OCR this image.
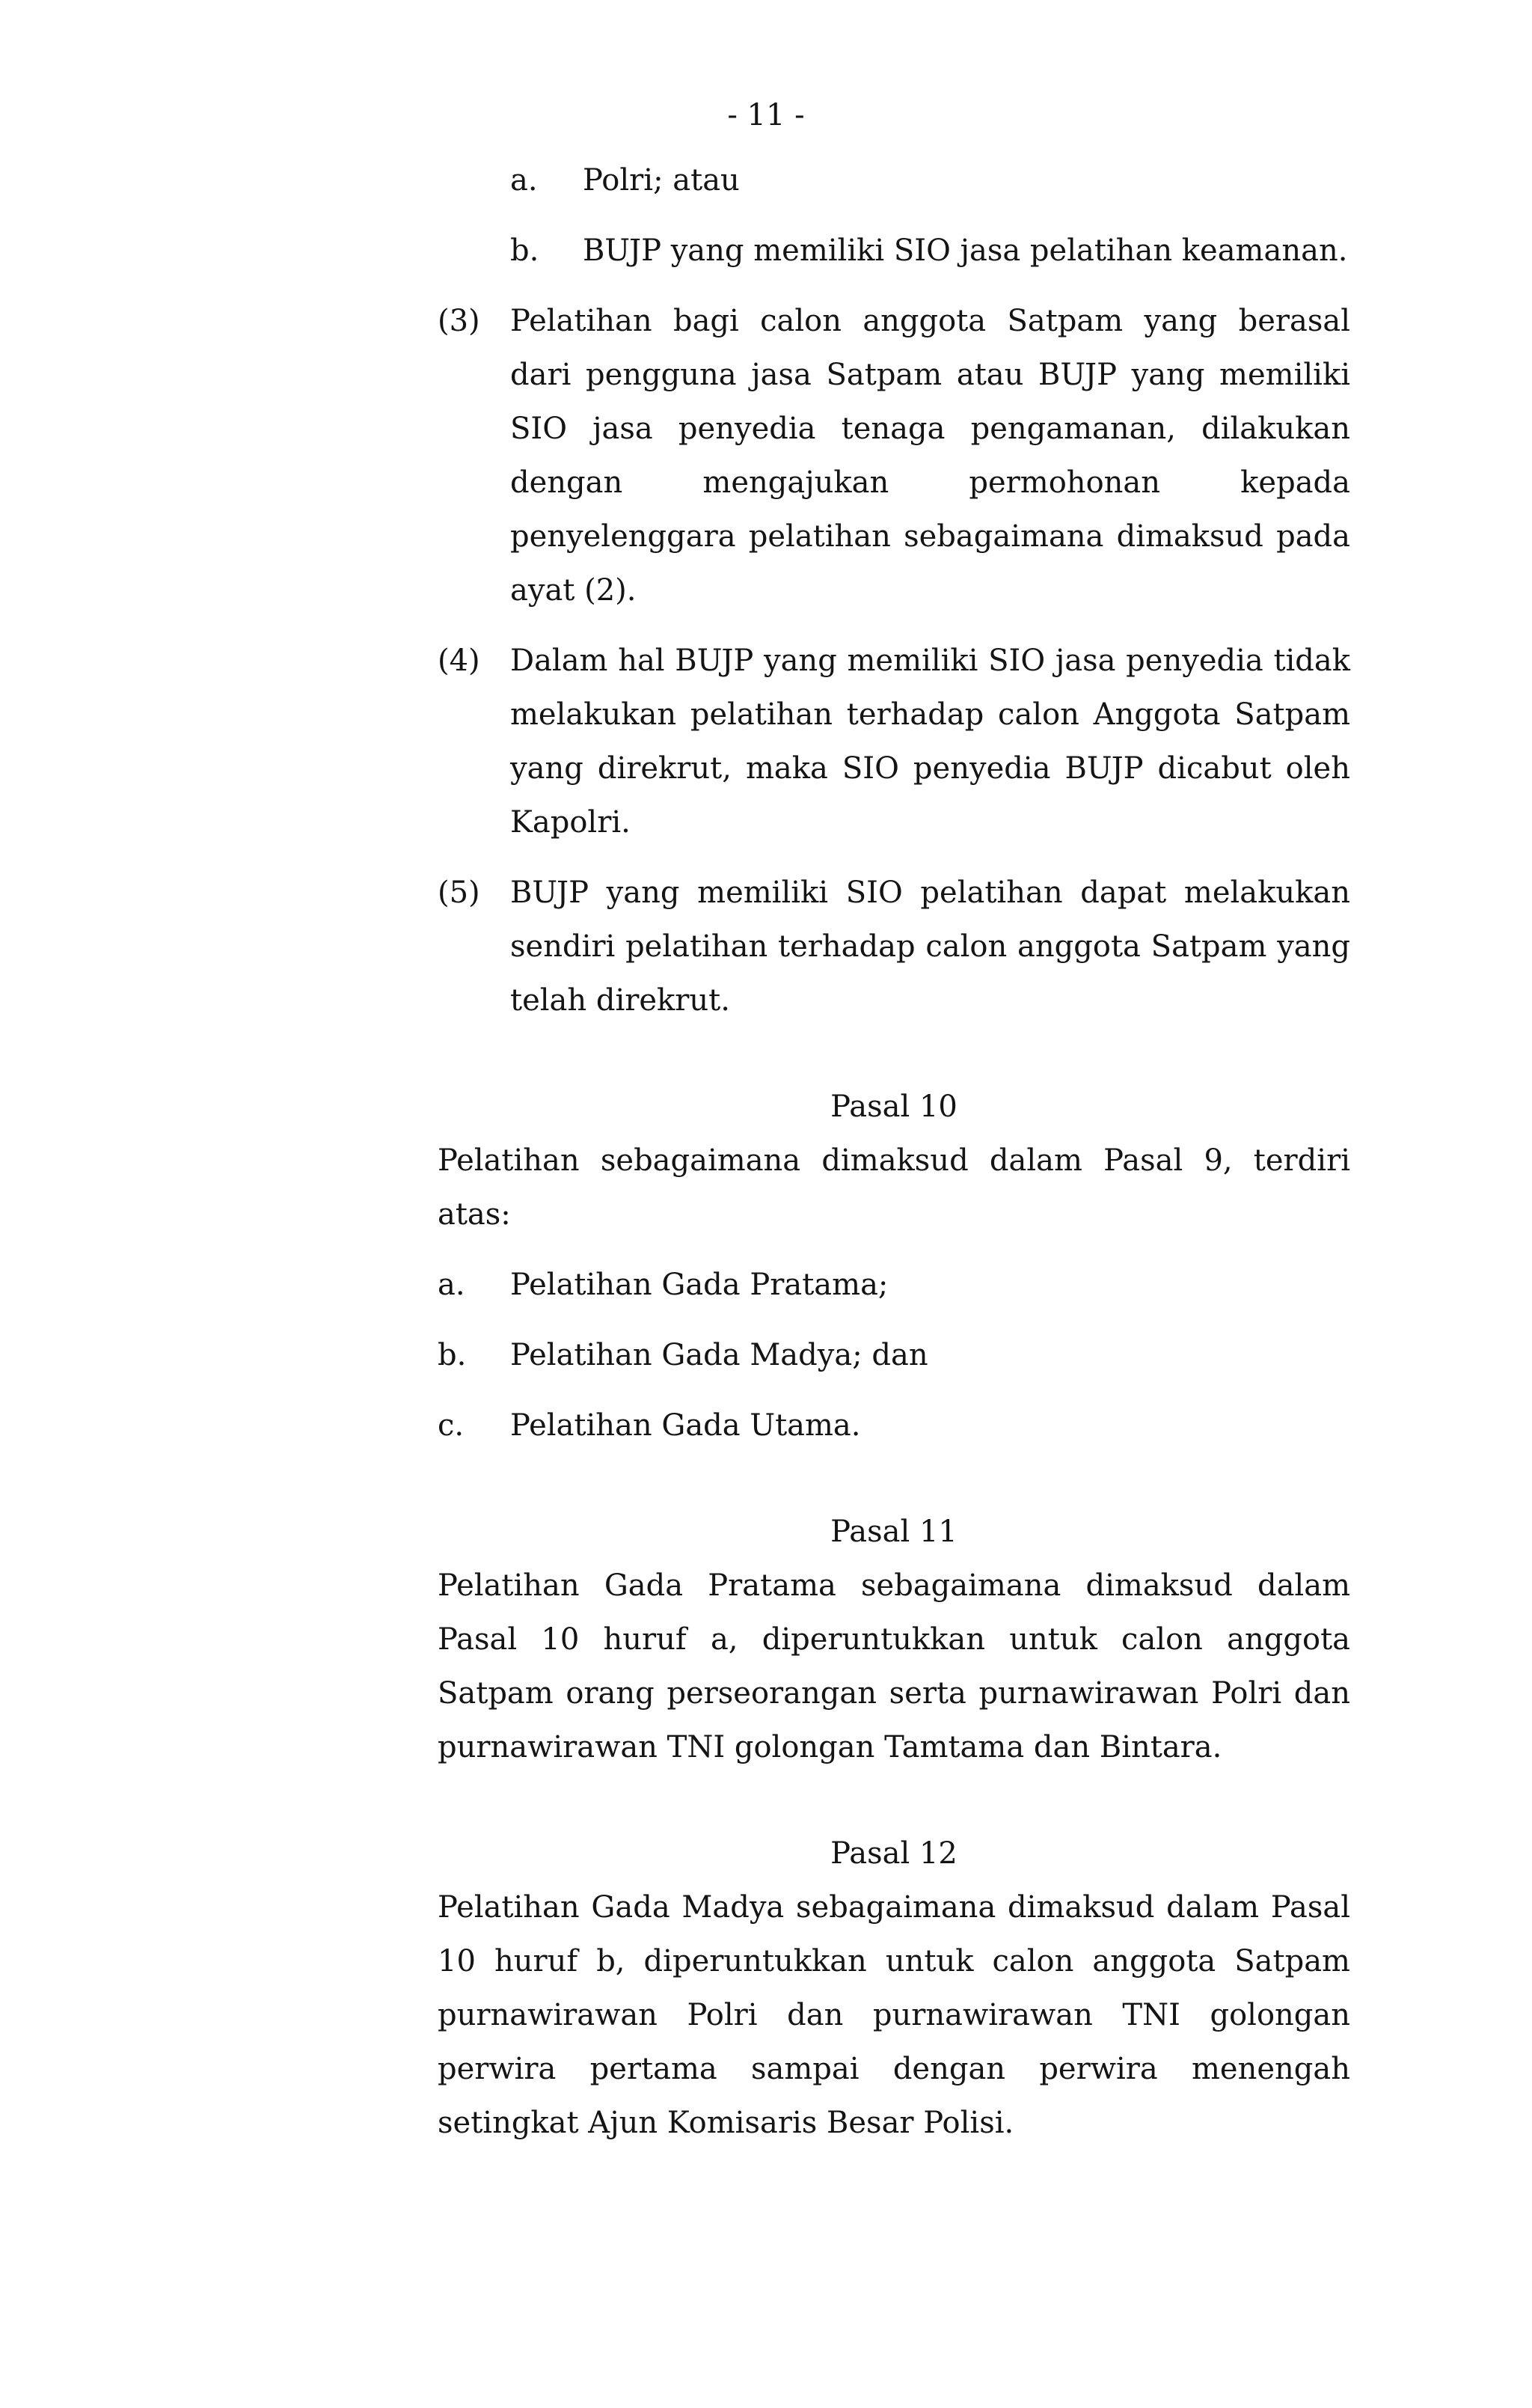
- 11 -
a.	Polri; atau
b.	BUJP yang memiliki SIO jasa pelatihan keamanan.
(3)	Pelatihan bagi calon anggota Satpam yang berasal dari pengguna jasa Satpam atau BUJP yang memiliki SIO jasa penyedia tenaga pengamanan, dilakukan dengan mengajukan permohonan kepada penyelenggara pelatihan sebagaimana dimaksud pada ayat (2).
(4)	Dalam hal BUJP yang memiliki SIO jasa penyedia tidak melakukan pelatihan terhadap calon Anggota Satpam yang direkrut, maka SIO penyedia BUJP dicabut oleh Kapolri.
(5)	BUJP yang memiliki SIO pelatihan dapat melakukan sendiri pelatihan terhadap calon anggota Satpam yang telah direkrut.
Pasal 10
Pelatihan sebagaimana dimaksud dalam Pasal 9, terdiri atas:
a.	Pelatihan Gada Pratama;
b.	Pelatihan Gada Madya; dan
c.	Pelatihan Gada Utama.
Pasal 11
Pelatihan Gada Pratama sebagaimana dimaksud dalam Pasal 10 huruf a, diperuntukkan untuk calon anggota Satpam orang perseorangan serta purnawirawan Polri dan purnawirawan TNI golongan Tamtama dan Bintara.
Pasal 12
Pelatihan Gada Madya sebagaimana dimaksud dalam Pasal 10 huruf b, diperuntukkan untuk calon anggota Satpam purnawirawan Polri dan purnawirawan TNI golongan perwira pertama sampai dengan perwira menengah setingkat Ajun Komisaris Besar Polisi.
